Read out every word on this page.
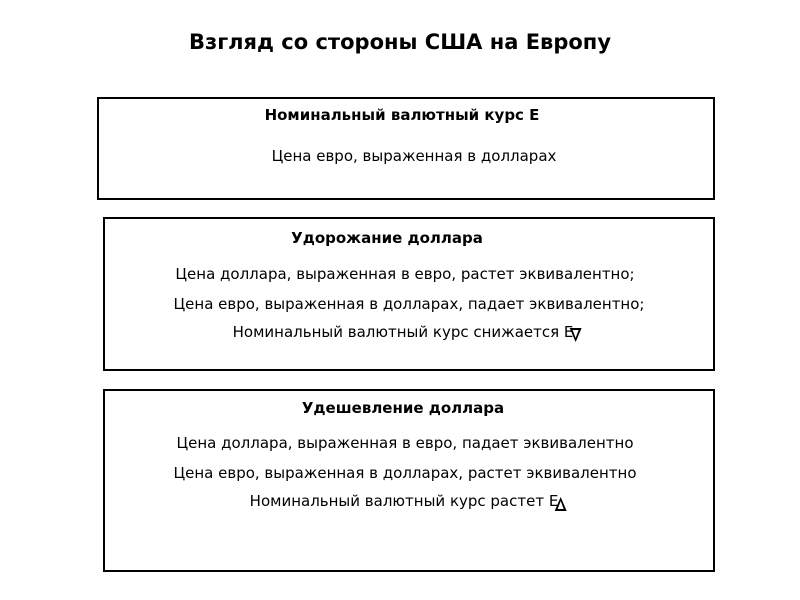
Взгляд со стороны США на Европу
Номинальный валютный курс Е
Цена евро, выраженная в долларах
Удорожание доллара
Цена доллара, выраженная в евро, растет эквивалентно;
Цена евро, выраженная в долларах, падает эквивалентно;
Номинальный валютный курс снижается Е
Удешевление доллара
Цена доллара, выраженная в евро, падает эквивалентно
Цена евро, выраженная в долларах, растет эквивалентно
Номинальный валютный курс растет Е
